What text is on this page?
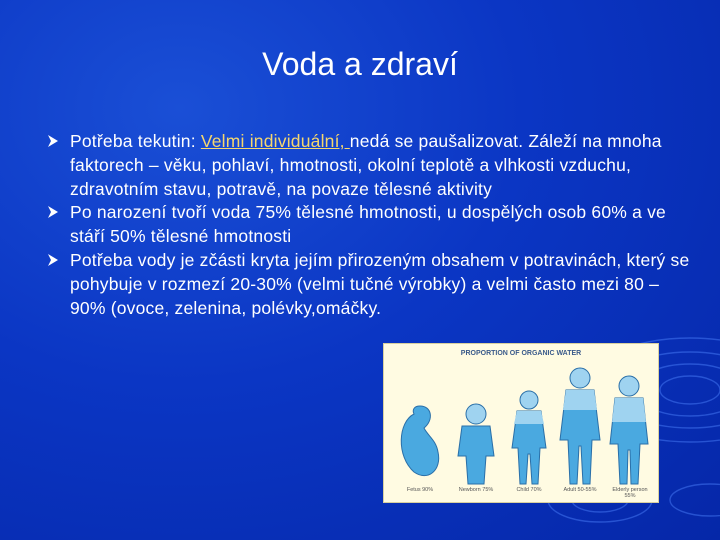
Voda a zdraví
Potřeba tekutin: Velmi individuální, nedá se paušalizovat. Záleží na mnoha faktorech – věku, pohlaví, hmotnosti, okolní teplotě a vlhkosti vzduchu, zdravotním stavu, potravě, na povaze tělesné aktivity
Po narození tvoří voda 75% tělesné hmotnosti, u dospělých osob 60% a ve stáří 50% tělesné hmotnosti
Potřeba vody je zčásti kryta jejím přirozeným obsahem v potravinách, který se pohybuje v rozmezí 20-30% (velmi tučné výrobky) a velmi často mezi 80 – 90% (ovoce, zelenina, polévky,omáčky.
PROPORTION OF ORGANIC WATER
Fetus 90%	Newborn 75%	Child 70%	Adult 50-55%	Elderly person 55%
